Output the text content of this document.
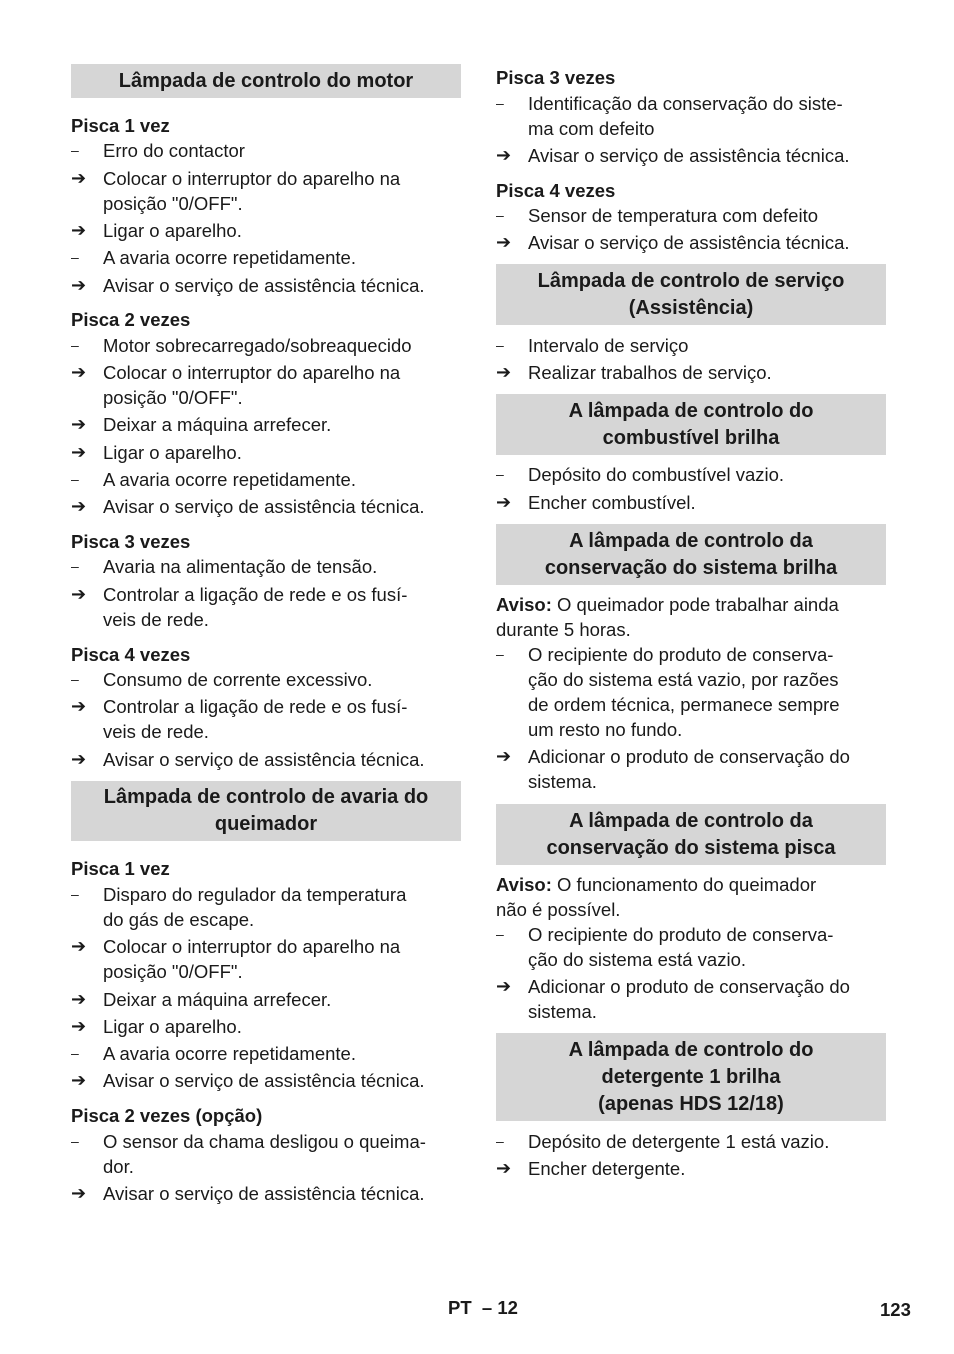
Lâmpada de controlo do motor
Pisca 1 vez
–	Erro do contactor
➔ Colocar o interruptor do aparelho na
posição "0/OFF".
➔ Ligar o aparelho.
–	A avaria ocorre repetidamente.
➔ Avisar o serviço de assistência técnica.
Pisca 2 vezes
–	Motor sobrecarregado/sobreaquecido
➔ Colocar o interruptor do aparelho na
posição "0/OFF".
➔ Deixar a máquina arrefecer.
➔ Ligar o aparelho.
–	A avaria ocorre repetidamente.
➔ Avisar o serviço de assistência técnica.
Pisca 3 vezes
–	Avaria na alimentação de tensão.
➔ Controlar a ligação de rede e os fusí-
veis de rede.
Pisca 4 vezes
–	Consumo de corrente excessivo.
➔ Controlar a ligação de rede e os fusí-
veis de rede.
➔ Avisar o serviço de assistência técnica.
Lâmpada de controlo de avaria do
queimador
Pisca 1 vez
–	Disparo do regulador da temperatura
do gás de escape.
➔ Colocar o interruptor do aparelho na
posição "0/OFF".
➔ Deixar a máquina arrefecer.
➔ Ligar o aparelho.
–	A avaria ocorre repetidamente.
➔ Avisar o serviço de assistência técnica.
Pisca 2 vezes (opção)
–	O sensor da chama desligou o queima-
dor.
➔ Avisar o serviço de assistência técnica.
Pisca 3 vezes
–	Identificação da conservação do siste-
ma com defeito
➔ Avisar o serviço de assistência técnica.
Pisca 4 vezes
–	Sensor de temperatura com defeito
➔ Avisar o serviço de assistência técnica.
Lâmpada de controlo de serviço
(Assistência)
–	Intervalo de serviço
➔ Realizar trabalhos de serviço.
A lâmpada de controlo do
combustível brilha
–	Depósito do combustível vazio.
➔ Encher combustível.
A lâmpada de controlo da
conservação do sistema brilha
Aviso: O queimador pode trabalhar ainda
durante 5 horas.
–	O recipiente do produto de conserva-
ção do sistema está vazio, por razões
de ordem técnica, permanece sempre
um resto no fundo.
➔ Adicionar o produto de conservação do
sistema.
A lâmpada de controlo da
conservação do sistema pisca
Aviso: O funcionamento do queimador
não é possível.
–	O recipiente do produto de conserva-
ção do sistema está vazio.
➔ Adicionar o produto de conservação do
sistema.
A lâmpada de controlo do
detergente 1 brilha
(apenas HDS 12/18)
–	Depósito de detergente 1 está vazio.
➔ Encher detergente.
PT  – 12	123
